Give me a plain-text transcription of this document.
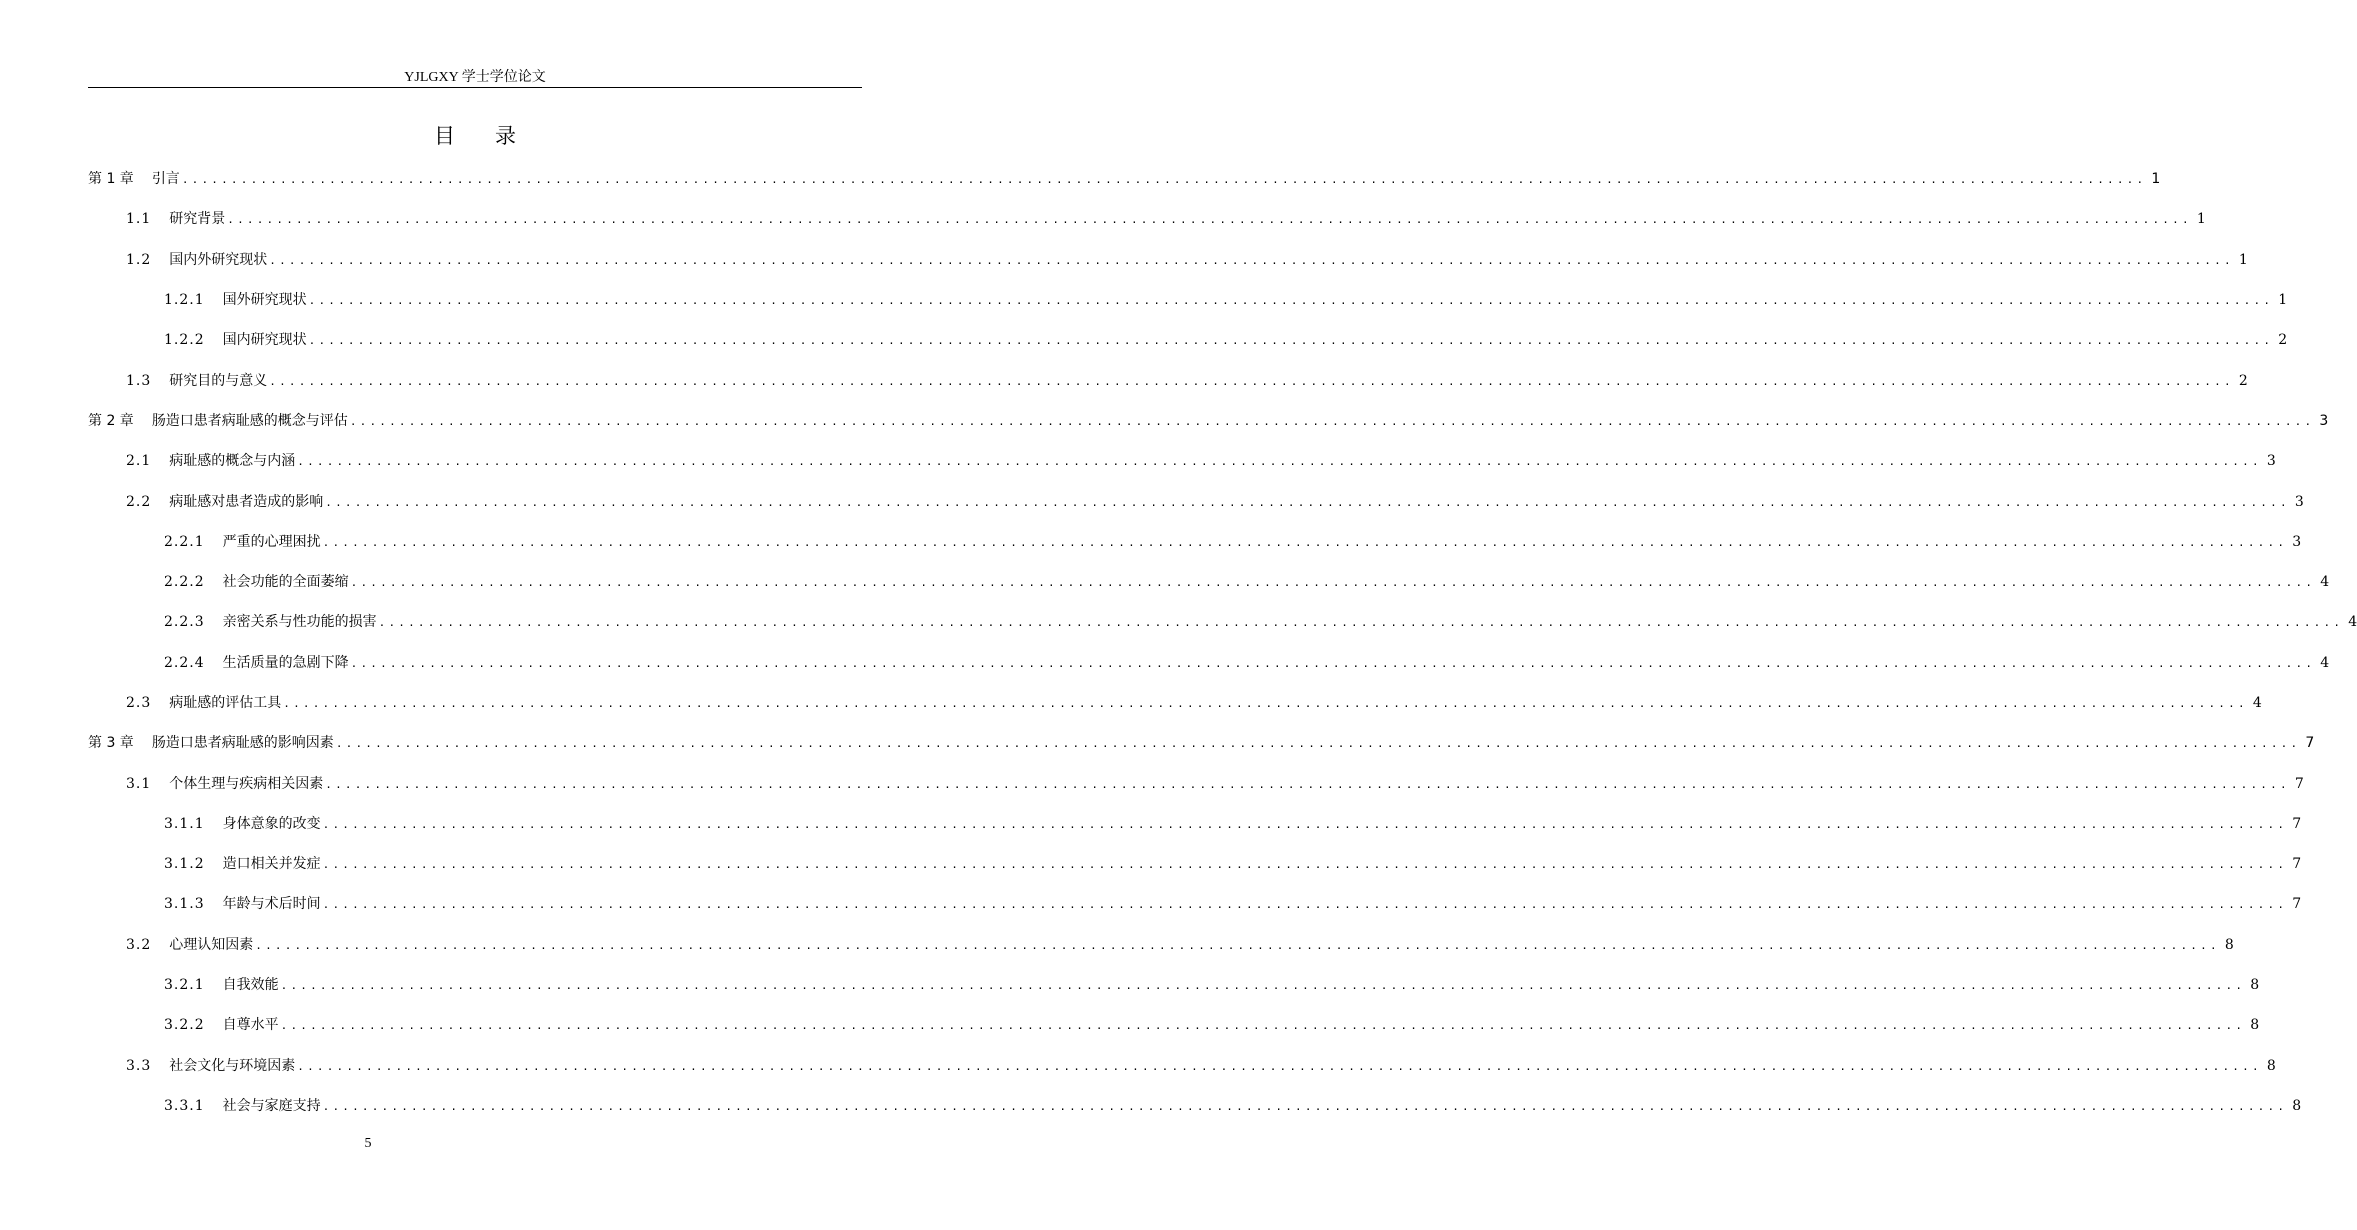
YJLGXY 学士学位论文
目录
第 1 章 引言 ........................................................................................................................................................................................................ 1
1.1 研究背景 ........................................................................................................................................................................................................ 1
1.2 国内外研究现状 ........................................................................................................................................................................................................ 1
1.2.1 国外研究现状 ........................................................................................................................................................................................................ 1
1.2.2 国内研究现状 ........................................................................................................................................................................................................ 2
1.3 研究目的与意义 ........................................................................................................................................................................................................ 2
第 2 章 肠造口患者病耻感的概念与评估 ........................................................................................................................................................................................................ 3
2.1 病耻感的概念与内涵 ........................................................................................................................................................................................................ 3
2.2 病耻感对患者造成的影响 ........................................................................................................................................................................................................ 3
2.2.1 严重的心理困扰 ........................................................................................................................................................................................................ 3
2.2.2 社会功能的全面萎缩 ........................................................................................................................................................................................................ 4
2.2.3 亲密关系与性功能的损害 ........................................................................................................................................................................................................ 4
2.2.4 生活质量的急剧下降 ........................................................................................................................................................................................................ 4
2.3 病耻感的评估工具 ........................................................................................................................................................................................................ 4
第 3 章 肠造口患者病耻感的影响因素 ........................................................................................................................................................................................................ 7
3.1 个体生理与疾病相关因素 ........................................................................................................................................................................................................ 7
3.1.1 身体意象的改变 ........................................................................................................................................................................................................ 7
3.1.2 造口相关并发症 ........................................................................................................................................................................................................ 7
3.1.3 年龄与术后时间 ........................................................................................................................................................................................................ 7
3.2 心理认知因素 ........................................................................................................................................................................................................ 8
3.2.1 自我效能 ........................................................................................................................................................................................................ 8
3.2.2 自尊水平 ........................................................................................................................................................................................................ 8
3.3 社会文化与环境因素 ........................................................................................................................................................................................................ 8
3.3.1 社会与家庭支持 ........................................................................................................................................................................................................ 8
5
